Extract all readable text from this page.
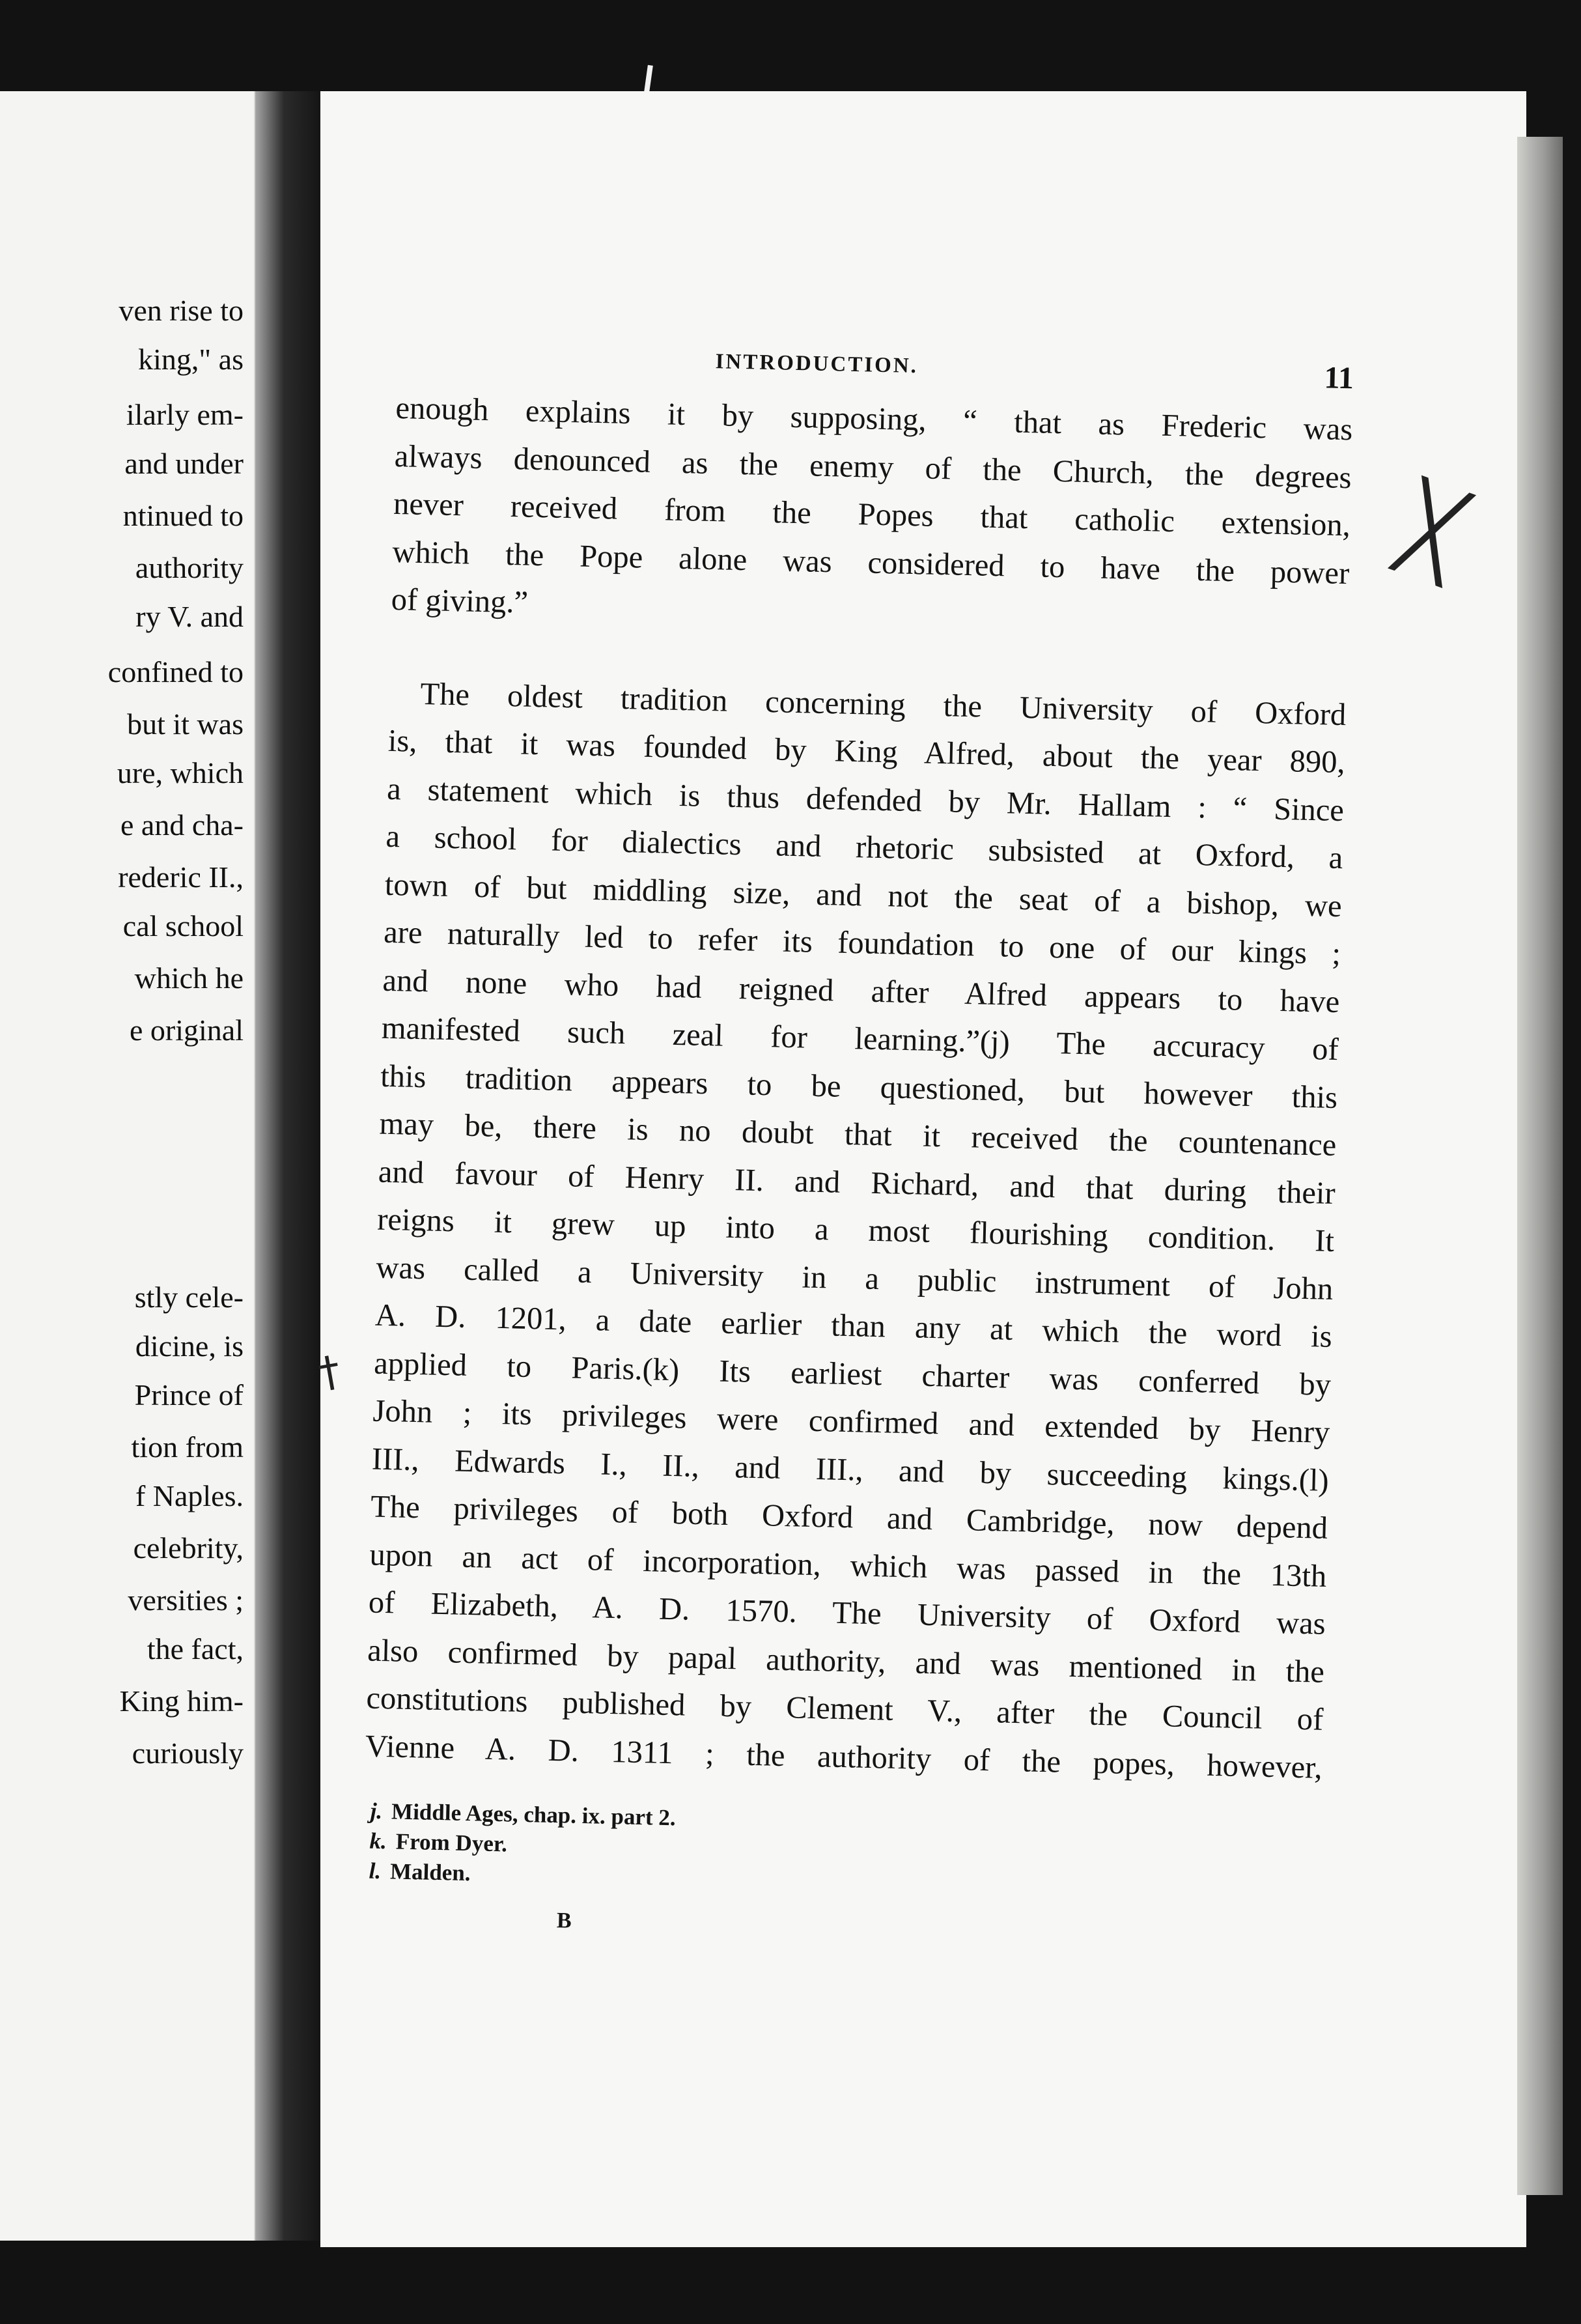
ven rise to
king," as
ilarly em-
and under
ntinued to
authority
ry V. and
confined to
but it was
ure, which
e and cha-
rederic II.,
cal school
which he
e original
stly cele-
dicine, is
Prince of
tion from
f Naples.
celebrity,
versities ;
the fact,
King him-
curiously
╳
†
INTRODUCTION.	11

enough explains it by supposing, “ that as Frederic was
always denounced as the enemy of the Church, the degrees
never received from the Popes that catholic extension,
which the Pope alone was considered to have the power
of giving.”

The oldest tradition concerning the University of Oxford
is, that it was founded by King Alfred, about the year 890,
a statement which is thus defended by Mr. Hallam : “ Since
a school for dialectics and rhetoric subsisted at Oxford, a
town of but middling size, and not the seat of a bishop, we
are naturally led to refer its foundation to one of our kings ;
and none who had reigned after Alfred appears to have
manifested such zeal for learning.”(j) The accuracy of
this tradition appears to be questioned, but however this
may be, there is no doubt that it received the countenance
and favour of Henry II. and Richard, and that during their
reigns it grew up into a most flourishing condition. It
was called a University in a public instrument of John
A. D. 1201, a date earlier than any at which the word is
applied to Paris.(k) Its earliest charter was conferred by
John ; its privileges were confirmed and extended by Henry
III., Edwards I., II., and III., and by succeeding kings.(l)
The privileges of both Oxford and Cambridge, now depend
upon an act of incorporation, which was passed in the 13th
of Elizabeth, A. D. 1570. The University of Oxford was
also confirmed by papal authority, and was mentioned in the
constitutions published by Clement V., after the Council of
Vienne A. D. 1311 ; the authority of the popes, however,

j. Middle Ages, chap. ix. part 2.
k. From Dyer.
l. Malden.
B
